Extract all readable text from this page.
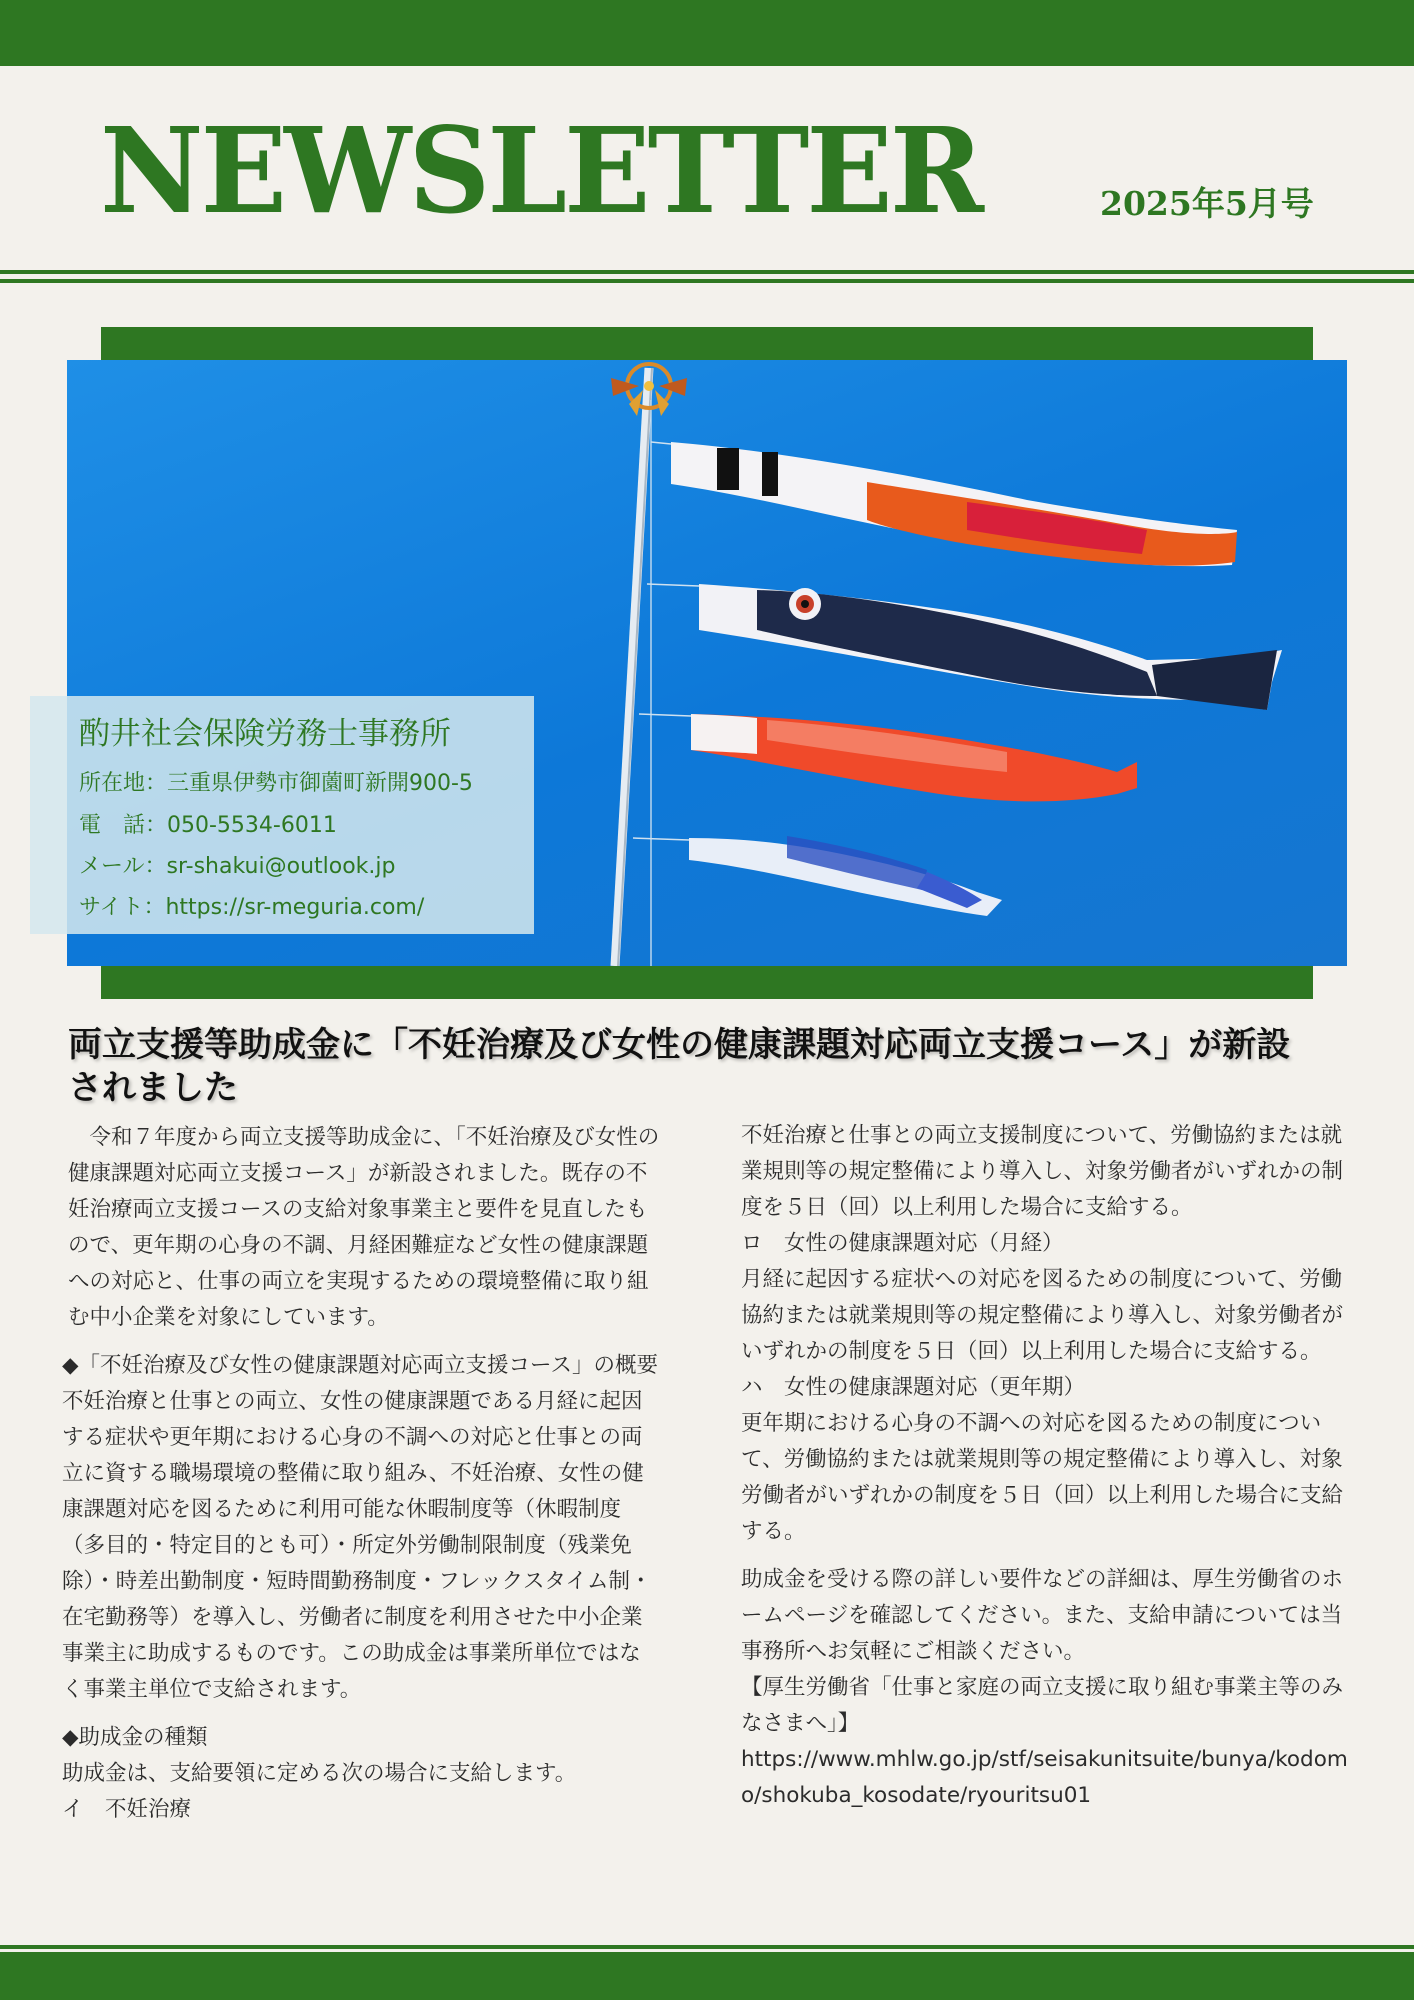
NEWSLETTER	2025年5月号
酌井社会保険労務士事務所
所在地：三重県伊勢市御薗町新開900-5
電　話：050-5534-6011
メール：sr-shakui@outlook.jp
サイト：https://sr-meguria.com/
両立支援等助成金に「不妊治療及び女性の健康課題対応両立支援コース」が新設されました

　令和７年度から両立支援等助成金に、「不妊治療及び女性の健康課題対応両立支援コース」が新設されました。既存の不妊治療両立支援コースの支給対象事業主と要件を見直したもので、更年期の心身の不調、月経困難症など女性の健康課題への対応と、仕事の両立を実現するための環境整備に取り組む中小企業を対象にしています。

◆「不妊治療及び女性の健康課題対応両立支援コース」の概要

不妊治療と仕事との両立、女性の健康課題である月経に起因する症状や更年期における心身の不調への対応と仕事との両立に資する職場環境の整備に取り組み、不妊治療、女性の健康課題対応を図るために利用可能な休暇制度等（休暇制度（多目的・特定目的とも可）・所定外労働制限制度（残業免除）・時差出勤制度・短時間勤務制度・フレックスタイム制・在宅勤務等）を導入し、労働者に制度を利用させた中小企業事業主に助成するものです。この助成金は事業所単位ではなく事業主単位で支給されます。

◆助成金の種類

助成金は、支給要領に定める次の場合に支給します。

イ　不妊治療

不妊治療と仕事との両立支援制度について、労働協約または就業規則等の規定整備により導入し、対象労働者がいずれかの制度を５日（回）以上利用した場合に支給する。

ロ　女性の健康課題対応（月経）

月経に起因する症状への対応を図るための制度について、労働協約または就業規則等の規定整備により導入し、対象労働者がいずれかの制度を５日（回）以上利用した場合に支給する。

ハ　女性の健康課題対応（更年期）

更年期における心身の不調への対応を図るための制度について、労働協約または就業規則等の規定整備により導入し、対象労働者がいずれかの制度を５日（回）以上利用した場合に支給する。

助成金を受ける際の詳しい要件などの詳細は、厚生労働省のホームページを確認してください。また、支給申請については当事務所へお気軽にご相談ください。

【厚生労働省「仕事と家庭の両立支援に取り組む事業主等のみなさまへ」】

https://www.mhlw.go.jp/stf/seisakunitsuite/bunya/kodomo/shokuba_kosodate/ryouritsu01
